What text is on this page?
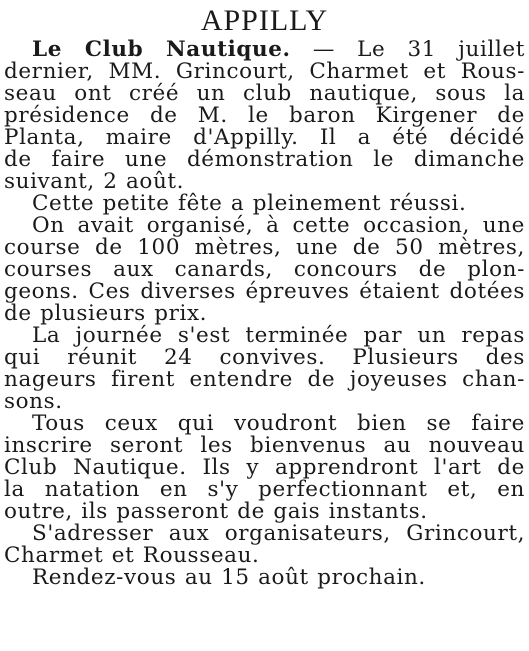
APPILLY
Le Club Nautique. — Le 31 juillet
dernier, MM. Grincourt, Charmet et Rous-
seau ont créé un club nautique, sous la
présidence de M. le baron Kirgener de
Planta, maire d'Appilly. Il a été décidé
de faire une démonstration le dimanche
suivant, 2 août.
Cette petite fête a pleinement réussi.
On avait organisé, à cette occasion, une
course de 100 mètres, une de 50 mètres,
courses aux canards, concours de plon-
geons. Ces diverses épreuves étaient dotées
de plusieurs prix.
La journée s'est terminée par un repas
qui réunit 24 convives. Plusieurs des
nageurs firent entendre de joyeuses chan-
sons.
Tous ceux qui voudront bien se faire
inscrire seront les bienvenus au nouveau
Club Nautique. Ils y apprendront l'art de
la natation en s'y perfectionnant et, en
outre, ils passeront de gais instants.
S'adresser aux organisateurs, Grincourt,
Charmet et Rousseau.
Rendez-vous au 15 août prochain.
